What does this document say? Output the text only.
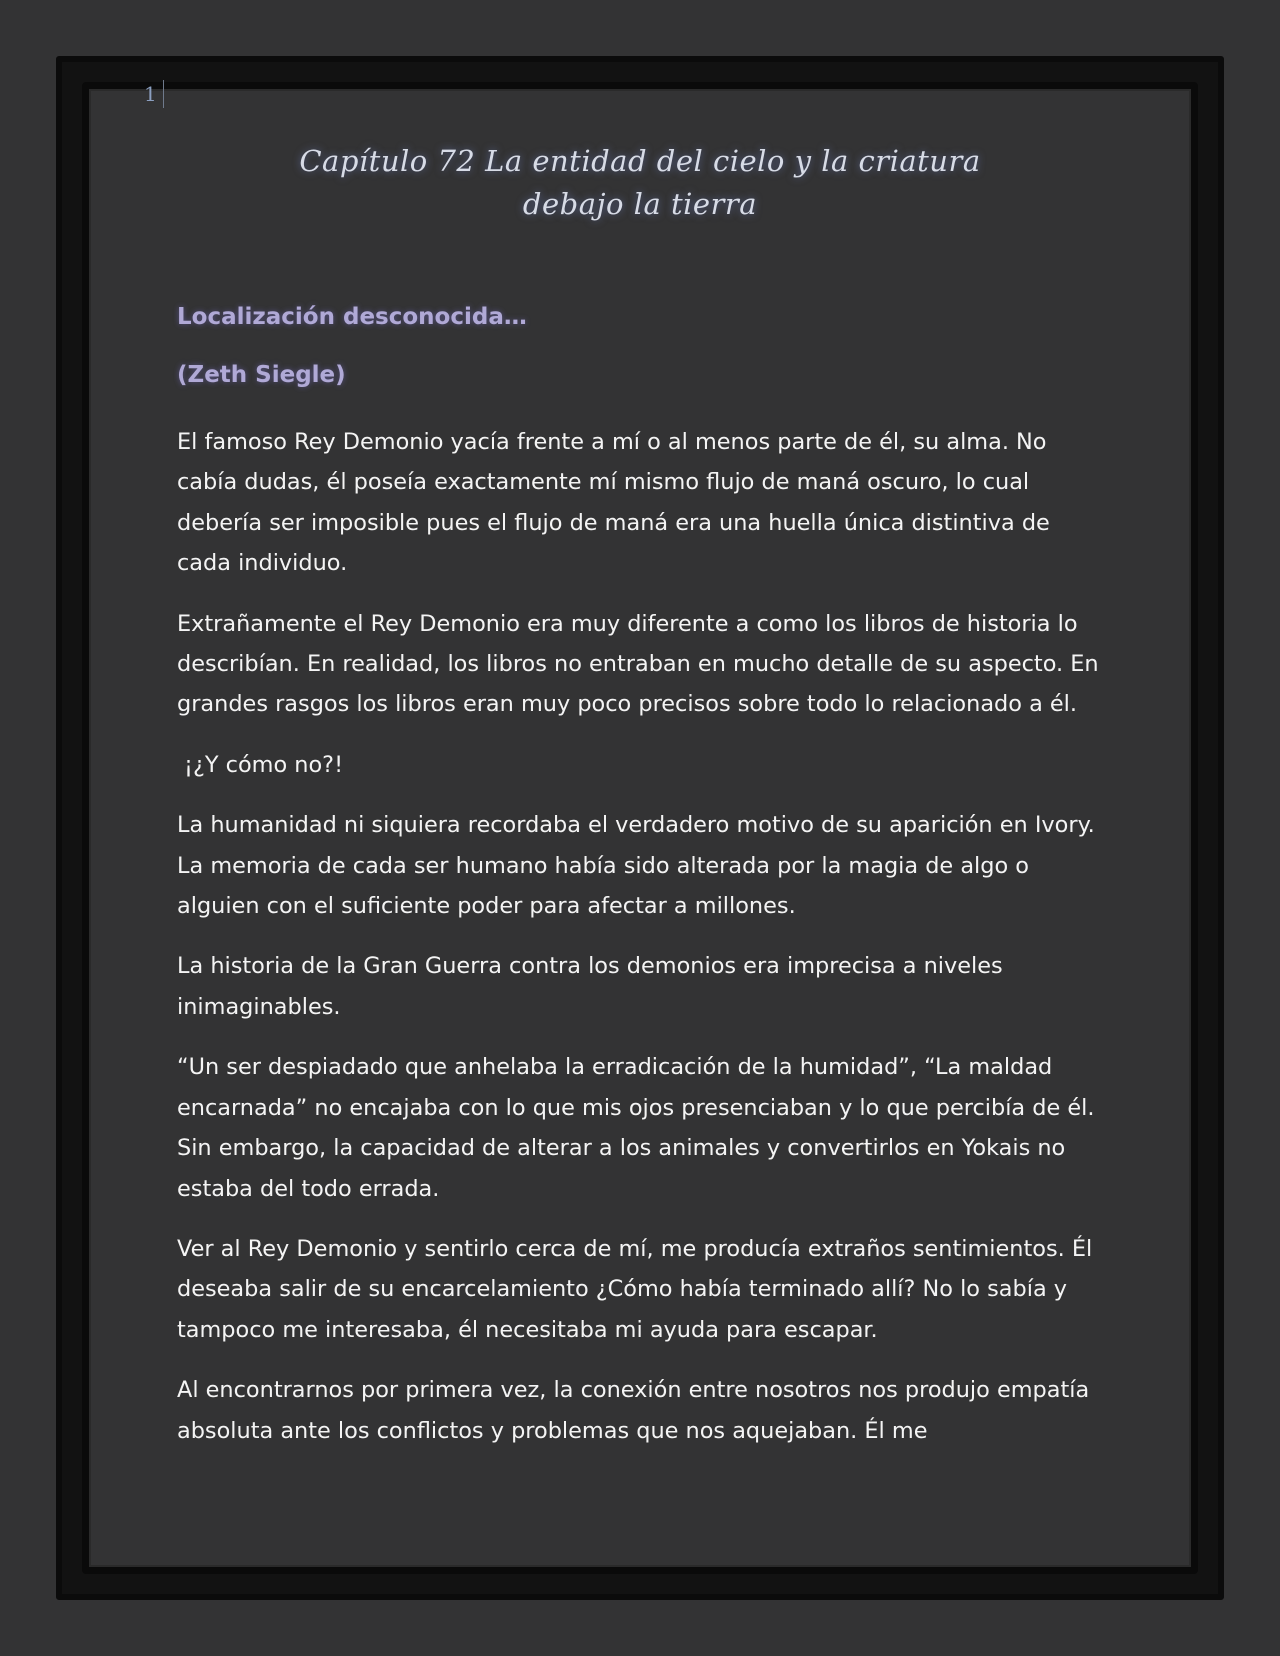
1
Capítulo 72 La entidad del cielo y la criatura
debajo la tierra

Localización desconocida…

(Zeth Siegle)

El famoso Rey Demonio yacía frente a mí o al menos parte de él, su alma. No cabía dudas, él poseía exactamente mí mismo flujo de maná oscuro, lo cual debería ser imposible pues el flujo de maná era una huella única distintiva de cada individuo.

Extrañamente el Rey Demonio era muy diferente a como los libros de historia lo describían. En realidad, los libros no entraban en mucho detalle de su aspecto. En grandes rasgos los libros eran muy poco precisos sobre todo lo relacionado a él.

¡¿Y cómo no?!

La humanidad ni siquiera recordaba el verdadero motivo de su aparición en Ivory. La memoria de cada ser humano había sido alterada por la magia de algo o alguien con el suficiente poder para afectar a millones.

La historia de la Gran Guerra contra los demonios era imprecisa a niveles inimaginables.

“Un ser despiadado que anhelaba la erradicación de la humidad”, “La maldad encarnada” no encajaba con lo que mis ojos presenciaban y lo que percibía de él. Sin embargo, la capacidad de alterar a los animales y convertirlos en Yokais no estaba del todo errada.

Ver al Rey Demonio y sentirlo cerca de mí, me producía extraños sentimientos. Él deseaba salir de su encarcelamiento ¿Cómo había terminado allí? No lo sabía y tampoco me interesaba, él necesitaba mi ayuda para escapar.

Al encontrarnos por primera vez, la conexión entre nosotros nos produjo empatía absoluta ante los conflictos y problemas que nos aquejaban. Él me
